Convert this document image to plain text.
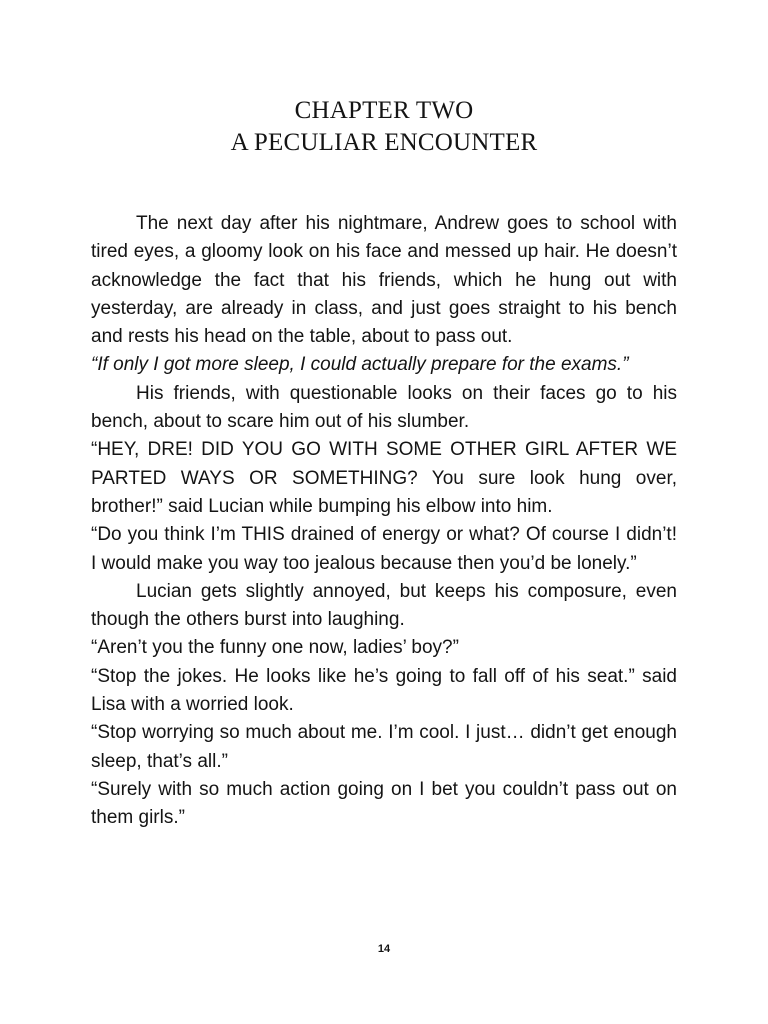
CHAPTER TWO
A PECULIAR ENCOUNTER

The next day after his nightmare, Andrew goes to school with tired eyes, a gloomy look on his face and messed up hair. He doesn’t acknowledge the fact that his friends, which he hung out with yesterday, are already in class, and just goes straight to his bench and rests his head on the table, about to pass out.

“If only I got more sleep, I could actually prepare for the exams.”

His friends, with questionable looks on their faces go to his bench, about to scare him out of his slumber.

“HEY, DRE! DID YOU GO WITH SOME OTHER GIRL AFTER WE PARTED WAYS OR SOMETHING? You sure look hung over, brother!” said Lucian while bumping his elbow into him.

“Do you think I’m THIS drained of energy or what? Of course I didn’t! I would make you way too jealous because then you’d be lonely.”

Lucian gets slightly annoyed, but keeps his composure, even though the others burst into laughing.

“Aren’t you the funny one now, ladies’ boy?”

“Stop the jokes. He looks like he’s going to fall off of his seat.” said Lisa with a worried look.

“Stop worrying so much about me. I’m cool. I just… didn’t get enough sleep, that’s all.”

“Surely with so much action going on I bet you couldn’t pass out on them girls.”

14
